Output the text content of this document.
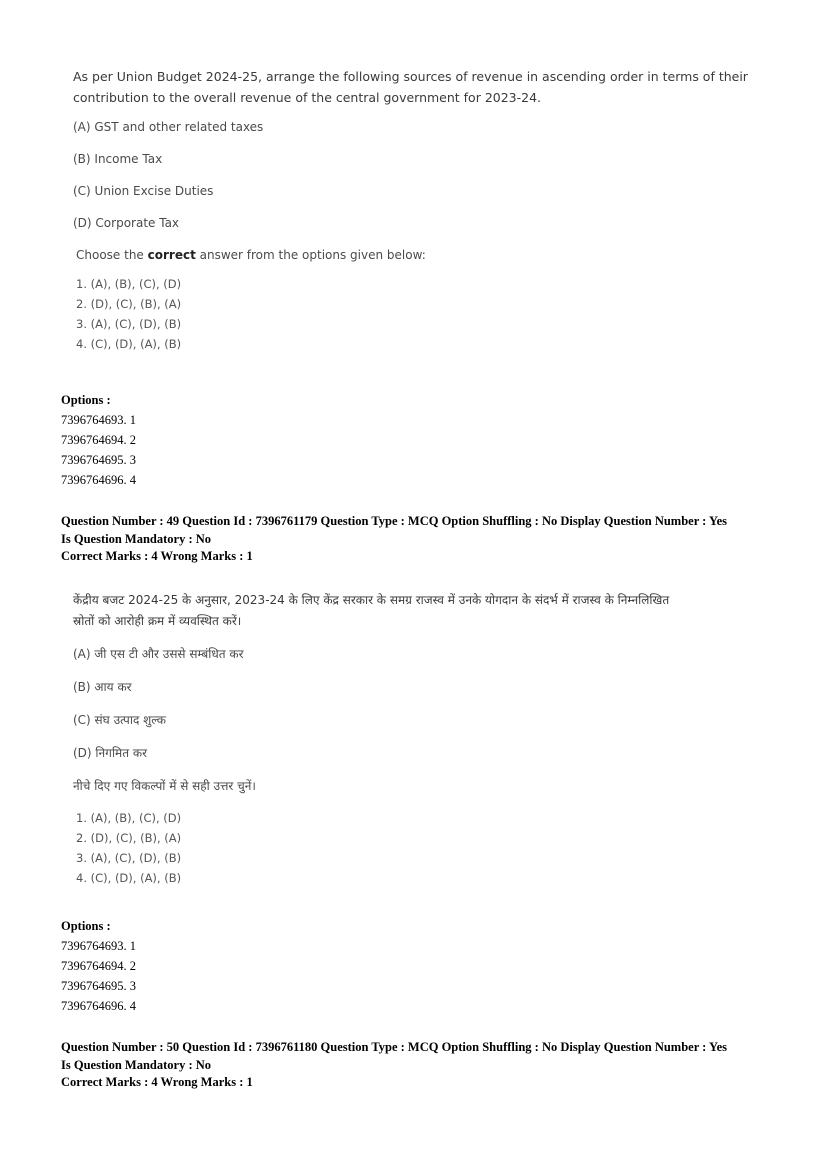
As per Union Budget 2024-25, arrange the following sources of revenue in ascending order in terms of their

contribution to the overall revenue of the central government for 2023-24.

(A) GST and other related taxes

(B) Income Tax

(C) Union Excise Duties

(D) Corporate Tax

Choose the correct answer from the options given below:

1. (A), (B), (C), (D)

2. (D), (C), (B), (A)

3. (A), (C), (D), (B)

4. (C), (D), (A), (B)

Options :

7396764693. 1

7396764694. 2

7396764695. 3

7396764696. 4

Question Number : 49 Question Id : 7396761179 Question Type : MCQ Option Shuffling : No Display Question Number : Yes

Is Question Mandatory : No

Correct Marks : 4 Wrong Marks : 1

केंद्रीय बजट 2024-25 के अनुसार, 2023-24 के लिए केंद्र सरकार के समग्र राजस्व में उनके योगदान के संदर्भ में राजस्व के निम्नलिखित

स्रोतों को आरोही क्रम में व्यवस्थित करें।

(A) जी एस टी और उससे सम्बंधित कर

(B) आय कर

(C) संघ उत्पाद शुल्क

(D) निगमित कर

नीचे दिए गए विकल्पों में से सही उत्तर चुनें।

1. (A), (B), (C), (D)

2. (D), (C), (B), (A)

3. (A), (C), (D), (B)

4. (C), (D), (A), (B)

Options :

7396764693. 1

7396764694. 2

7396764695. 3

7396764696. 4

Question Number : 50 Question Id : 7396761180 Question Type : MCQ Option Shuffling : No Display Question Number : Yes

Is Question Mandatory : No

Correct Marks : 4 Wrong Marks : 1
